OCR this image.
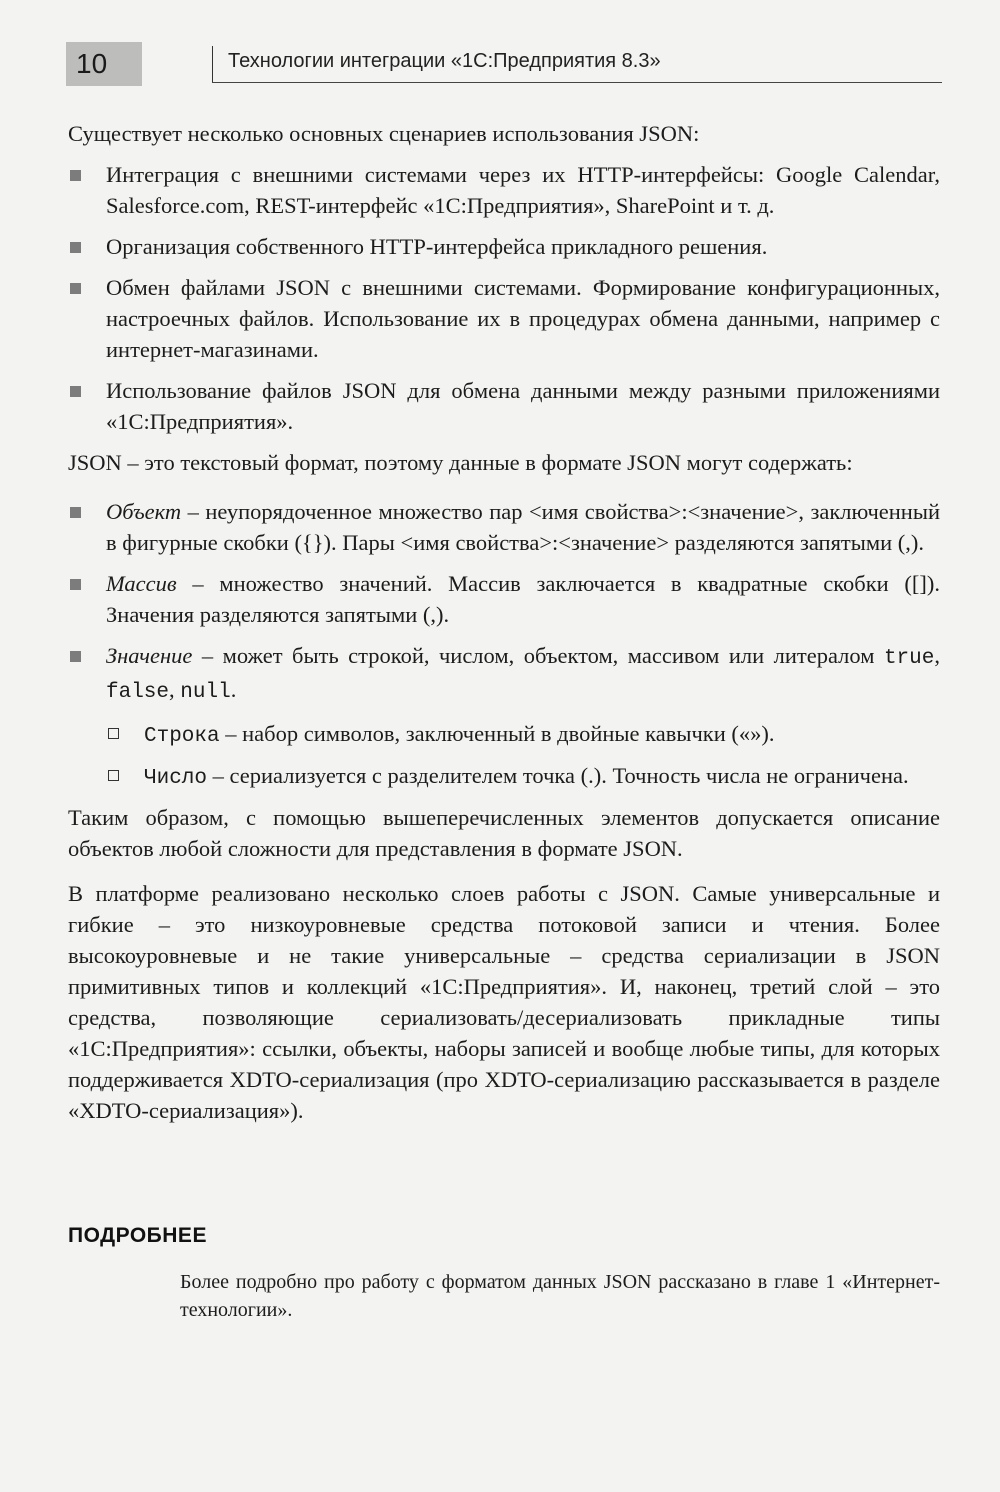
10	Технологии интеграции «1С:Предприятия 8.3»

Существует несколько основных сценариев использования JSON:

Интеграция с внешними системами через их HTTP-интерфейсы: Google Calendar, Salesforce.com, REST-интерфейс «1С:Предприятия», SharePoint и т. д.
Организация собственного HTTP-интерфейса прикладного решения.
Обмен файлами JSON с внешними системами. Формирование конфигурационных, настроечных файлов. Использование их в процедурах обмена данными, например с интернет-магазинами.
Использование файлов JSON для обмена данными между разными приложениями «1С:Предприятия».

JSON – это текстовый формат, поэтому данные в формате JSON могут содержать:

Объект – неупорядоченное множество пар <имя свойства>:<значение>, заключенный в фигурные скобки ({}). Пары <имя свойства>:<значение> разделяются запятыми (,).
Массив – множество значений. Массив заключается в квадратные скобки ([]). Значения разделяются запятыми (,).
Значение – может быть строкой, числом, объектом, массивом или литералом true, false, null.
Строка – набор символов, заключенный в двойные кавычки («»).
Число – сериализуется с разделителем точка (.). Точность числа не ограничена.

Таким образом, с помощью вышеперечисленных элементов допускается описание объектов любой сложности для представления в формате JSON.

В платформе реализовано несколько слоев работы с JSON. Самые универсальные и гибкие – это низкоуровневые средства потоковой записи и чтения. Более высокоуровневые и не такие универсальные – средства сериализации в JSON примитивных типов и коллекций «1С:Предприятия». И, наконец, третий слой – это средства, позволяющие сериализовать/десериализовать прикладные типы «1С:Предприятия»: ссылки, объекты, наборы записей и вообще любые типы, для которых поддерживается XDTO-сериализация (про XDTO-сериализацию рассказывается в разделе «XDTO-сериализация»).

ПОДРОБНЕЕ
Более подробно про работу с форматом данных JSON рассказано в главе 1 «Интернет-технологии».
